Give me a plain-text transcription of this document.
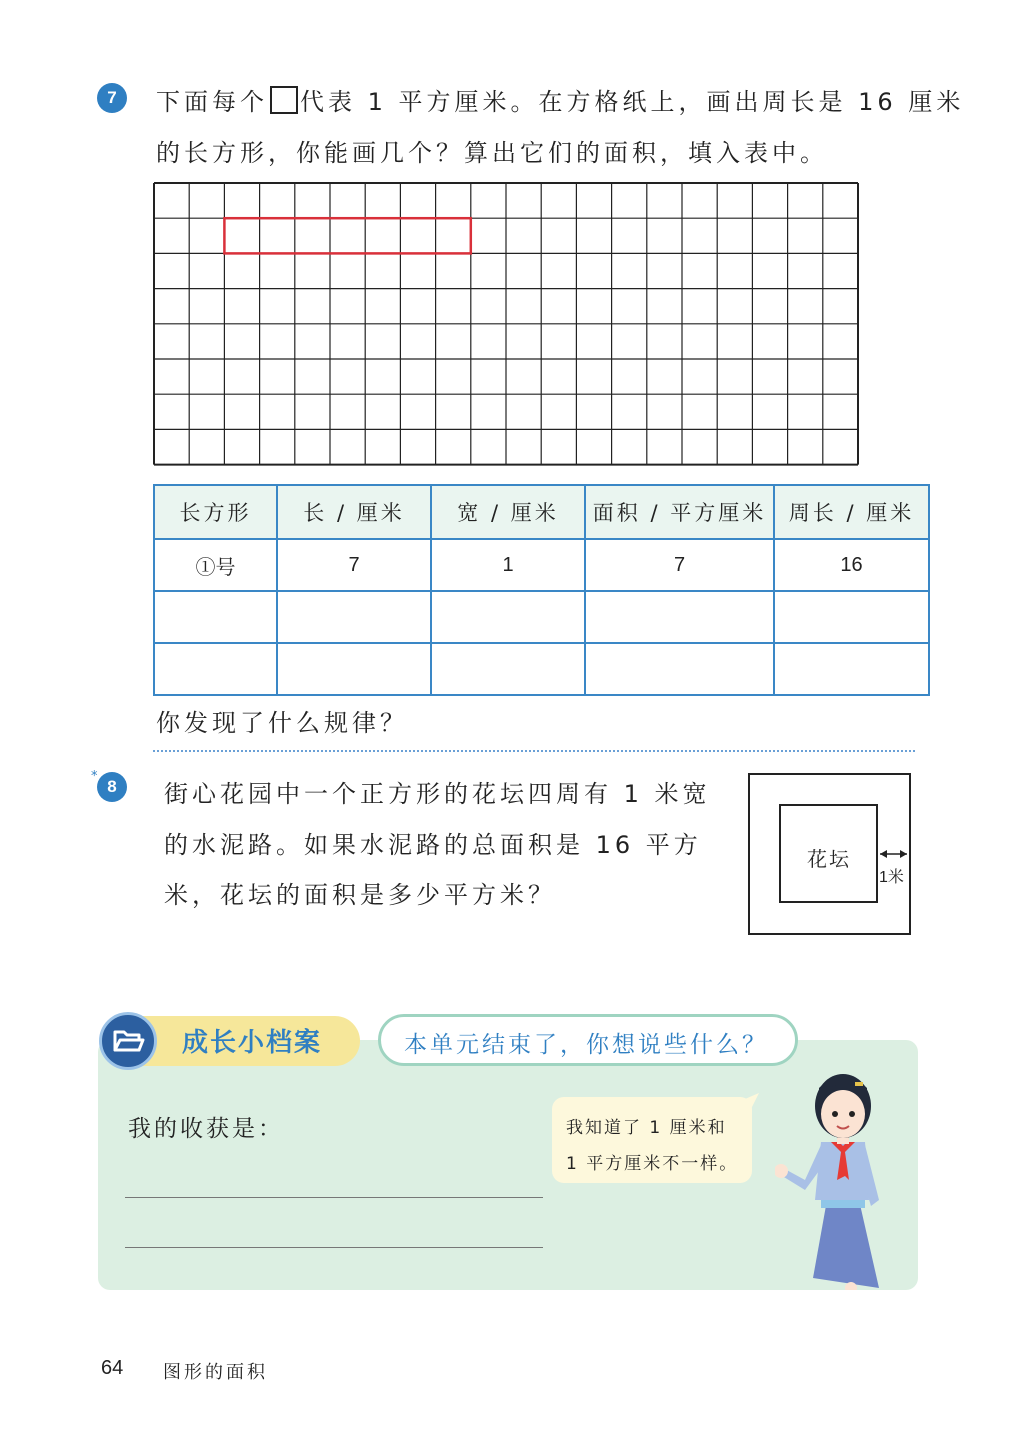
7	下面每个 代表 1 平方厘米。在方格纸上，画出周长是 16 厘米
的长方形，你能画几个？算出它们的面积，填入表中。
长方形	长 / 厘米	宽 / 厘米	面积 / 平方厘米	周长 / 厘米
①号	7	1	7	16

你发现了什么规律？
*
8	街心花园中一个正方形的花坛四周有 1 米宽
的水泥路。如果水泥路的总面积是 16 平方
米，花坛的面积是多少平方米？
花坛
1米
成长小档案	本单元结束了，你想说些什么？
我的收获是：	我知道了 1 厘米和
1 平方厘米不一样。
64 图形的面积
